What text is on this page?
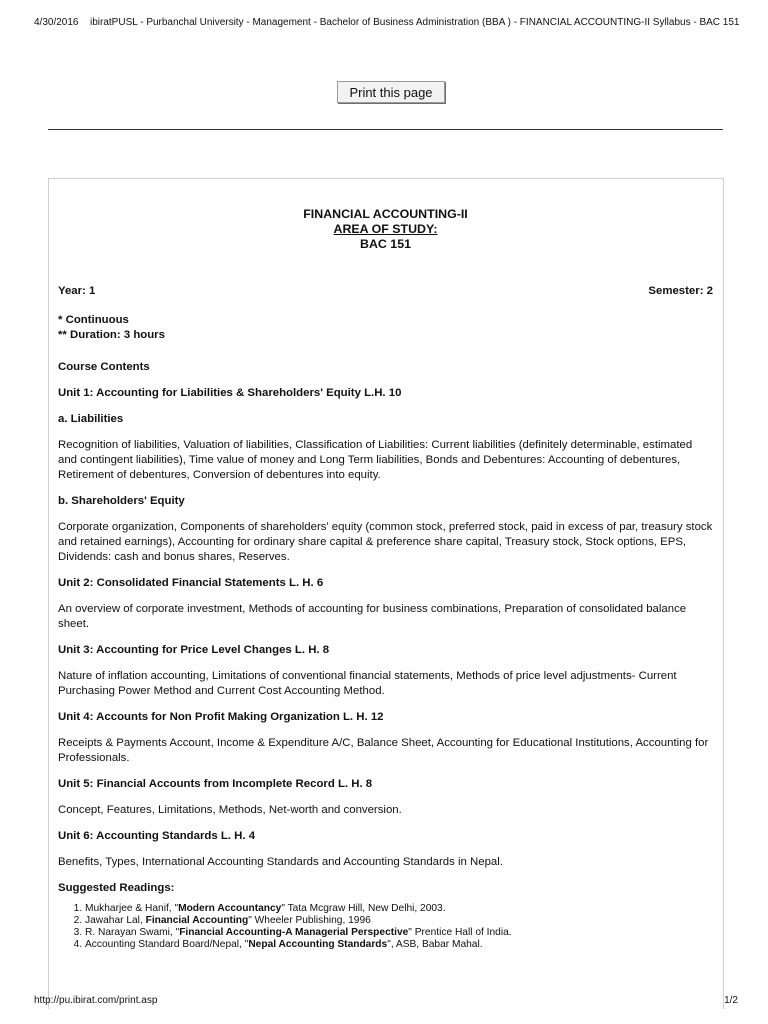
4/30/2016 ibiratPUSL - Purbanchal University - Management - Bachelor of Business Administration (BBA ) - FINANCIAL ACCOUNTING-II Syllabus - BAC 151
Print this page
FINANCIAL ACCOUNTING-II
AREA OF STUDY:
BAC 151
Year: 1	Semester: 2
* Continuous
** Duration: 3 hours
Course Contents
Unit 1: Accounting for Liabilities & Shareholders' Equity L.H. 10
a. Liabilities

Recognition of liabilities, Valuation of liabilities, Classification of Liabilities: Current liabilities (definitely determinable, estimated and contingent liabilities), Time value of money and Long Term liabilities, Bonds and Debentures: Accounting of debentures, Retirement of debentures, Conversion of debentures into equity.

b. Shareholders' Equity

Corporate organization, Components of shareholders' equity (common stock, preferred stock, paid in excess of par, treasury stock and retained earnings), Accounting for ordinary share capital & preference share capital, Treasury stock, Stock options, EPS, Dividends: cash and bonus shares, Reserves.

Unit 2: Consolidated Financial Statements L. H. 6

An overview of corporate investment, Methods of accounting for business combinations, Preparation of consolidated balance sheet.

Unit 3: Accounting for Price Level Changes L. H. 8

Nature of inflation accounting, Limitations of conventional financial statements, Methods of price level adjustments- Current Purchasing Power Method and Current Cost Accounting Method.

Unit 4: Accounts for Non Profit Making Organization L. H. 12

Receipts & Payments Account, Income & Expenditure A/C, Balance Sheet, Accounting for Educational Institutions, Accounting for Professionals.

Unit 5: Financial Accounts from Incomplete Record L. H. 8

Concept, Features, Limitations, Methods, Net-worth and conversion.

Unit 6: Accounting Standards L. H. 4

Benefits, Types, International Accounting Standards and Accounting Standards in Nepal.

Suggested Readings:
1. Mukharjee & Hanif, "Modern Accountancy" Tata Mcgraw Hill, New Delhi, 2003.
2. Jawahar Lal, Financial Accounting" Wheeler Publishing, 1996
3. R. Narayan Swami, "Financial Accounting-A Managerial Perspective" Prentice Hall of India.
4. Accounting Standard Board/Nepal, "Nepal Accounting Standards", ASB, Babar Mahal.
http://pu.ibirat.com/print.asp	1/2
